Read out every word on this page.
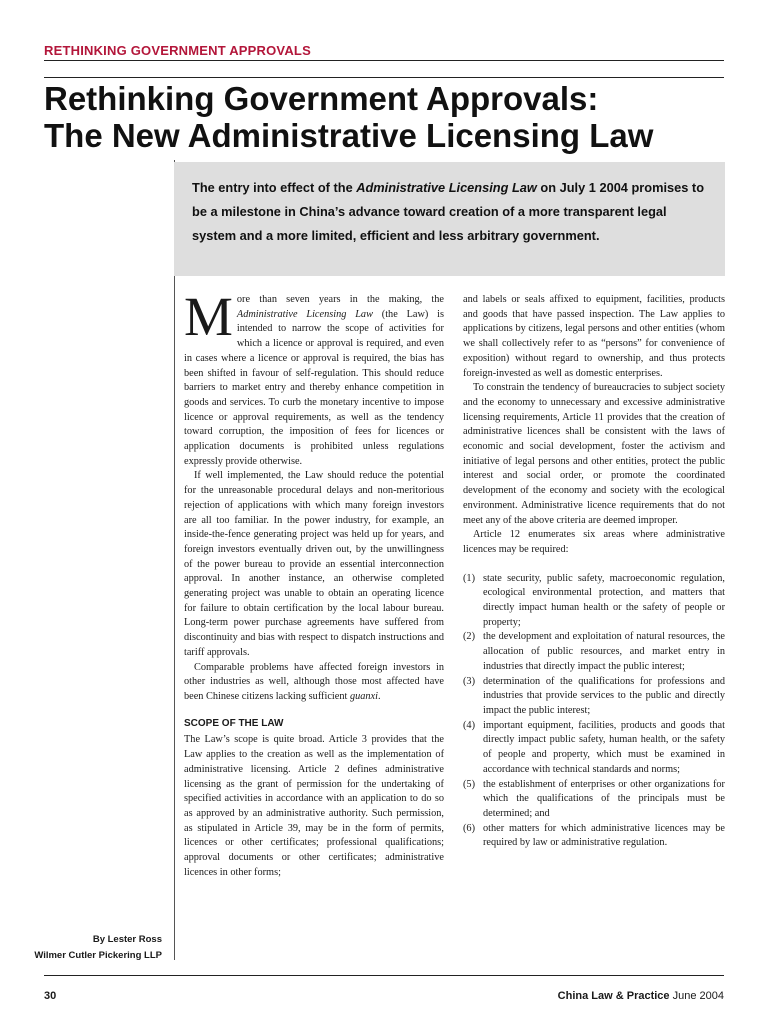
RETHINKING GOVERNMENT APPROVALS
Rethinking Government Approvals:
The New Administrative Licensing Law

The entry into effect of the Administrative Licensing Law on July 1 2004 promises to be a milestone in China’s advance toward creation of a more transparent legal system and a more limited, efficient and less arbitrary government.

More than seven years in the making, the Administrative Licensing Law (the Law) is intended to narrow the scope of activities for which a licence or approval is required, and even in cases where a licence or approval is required, the bias has been shifted in favour of self-regulation. This should reduce barriers to market entry and thereby enhance competition in goods and services. To curb the monetary incentive to impose licence or approval requirements, as well as the tendency toward corruption, the imposition of fees for licences or application documents is prohibited unless regulations expressly provide otherwise.

If well implemented, the Law should reduce the potential for the unreasonable procedural delays and non-meritorious rejection of applications with which many foreign investors are all too familiar. In the power industry, for example, an inside-the-fence generating project was held up for years, and foreign investors eventually driven out, by the unwillingness of the power bureau to provide an essential interconnection approval. In another instance, an otherwise completed generating project was unable to obtain an operating licence for failure to obtain certification by the local labour bureau. Long-term power purchase agreements have suffered from discontinuity and bias with respect to dispatch instructions and tariff approvals.

Comparable problems have affected foreign investors in other industries as well, although those most affected have been Chinese citizens lacking sufficient guanxi.

SCOPE OF THE LAW

The Law’s scope is quite broad. Article 3 provides that the Law applies to the creation as well as the implementation of administrative licensing. Article 2 defines administrative licensing as the grant of permission for the undertaking of specified activities in accordance with an application to do so as approved by an administrative authority. Such permission, as stipulated in Article 39, may be in the form of permits, licences or other certificates; professional qualifications; approval documents or other certificates; administrative licences in other forms;

and labels or seals affixed to equipment, facilities, products and goods that have passed inspection. The Law applies to applications by citizens, legal persons and other entities (whom we shall collectively refer to as “persons” for convenience of exposition) without regard to ownership, and thus protects foreign-invested as well as domestic enterprises.

To constrain the tendency of bureaucracies to subject society and the economy to unnecessary and excessive administrative licensing requirements, Article 11 provides that the creation of administrative licences shall be consistent with the laws of economic and social development, foster the activism and initiative of legal persons and other entities, protect the public interest and social order, or promote the coordinated development of the economy and society with the ecological environment. Administrative licence requirements that do not meet any of the above criteria are deemed improper.

Article 12 enumerates six areas where administrative licences may be required:

(1) state security, public safety, macroeconomic regulation, ecological environmental protection, and matters that directly impact human health or the safety of people or property;
(2) the development and exploitation of natural resources, the allocation of public resources, and market entry in industries that directly impact the public interest;
(3) determination of the qualifications for professions and industries that provide services to the public and directly impact the public interest;
(4) important equipment, facilities, products and goods that directly impact public safety, human health, or the safety of people and property, which must be examined in accordance with technical standards and norms;
(5) the establishment of enterprises or other organizations for which the qualifications of the principals must be determined; and
(6) other matters for which administrative licences may be required by law or administrative regulation.
By Lester Ross
Wilmer Cutler Pickering LLP
30	China Law & Practice June 2004
